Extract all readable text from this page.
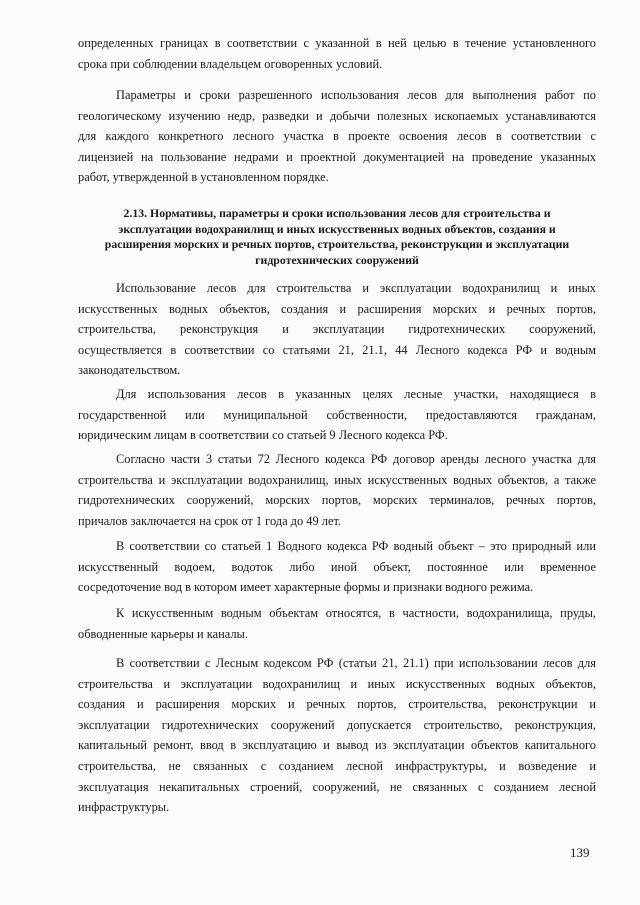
определенных границах в соответствии с указанной в ней целью в течение установленного
срока при соблюдении владельцем оговоренных условий.
Параметры и сроки разрешенного использования лесов для выполнения работ по
геологическому изучению недр, разведки и добычи полезных ископаемых устанавливаются
для каждого конкретного лесного участка в проекте освоения лесов в соответствии с
лицензией на пользование недрами и проектной документацией на проведение указанных
работ, утвержденной в установленном порядке.
2.13. Нормативы, параметры и сроки использования лесов для строительства и
эксплуатации водохранилищ и иных искусственных водных объектов, создания и
расширения морских и речных портов, строительства, реконструкции и эксплуатации
гидротехнических сооружений
Использование лесов для строительства и эксплуатации водохранилищ и иных
искусственных водных объектов, создания и расширения морских и речных портов,
строительства, реконструкция и эксплуатации гидротехнических сооружений,
осуществляется в соответствии со статьями 21, 21.1, 44 Лесного кодекса РФ и водным
законодательством.
Для использования лесов в указанных целях лесные участки, находящиеся в
государственной или муниципальной собственности, предоставляются гражданам,
юридическим лицам в соответствии со статьей 9 Лесного кодекса РФ.
Согласно части 3 статьи 72 Лесного кодекса РФ договор аренды лесного участка для
строительства и эксплуатации водохранилищ, иных искусственных водных объектов, а также
гидротехнических сооружений, морских портов, морских терминалов, речных портов,
причалов заключается на срок от 1 года до 49 лет.
В соответствии со статьей 1 Водного кодекса РФ водный объект – это природный или
искусственный водоем, водоток либо иной объект, постоянное или временное
сосредоточение вод в котором имеет характерные формы и признаки водного режима.
К искусственным водным объектам относятся, в частности, водохранилища, пруды,
обводненные карьеры и каналы.
В соответствии с Лесным кодексом РФ (статьи 21, 21.1) при использовании лесов для
строительства и эксплуатации водохранилищ и иных искусственных водных объектов,
создания и расширения морских и речных портов, строительства, реконструкции и
эксплуатации гидротехнических сооружений допускается строительство, реконструкция,
капитальный ремонт, ввод в эксплуатацию и вывод из эксплуатации объектов капитального
строительства, не связанных с созданием лесной инфраструктуры, и возведение и
эксплуатация некапитальных строений, сооружений, не связанных с созданием лесной
инфраструктуры.
139
